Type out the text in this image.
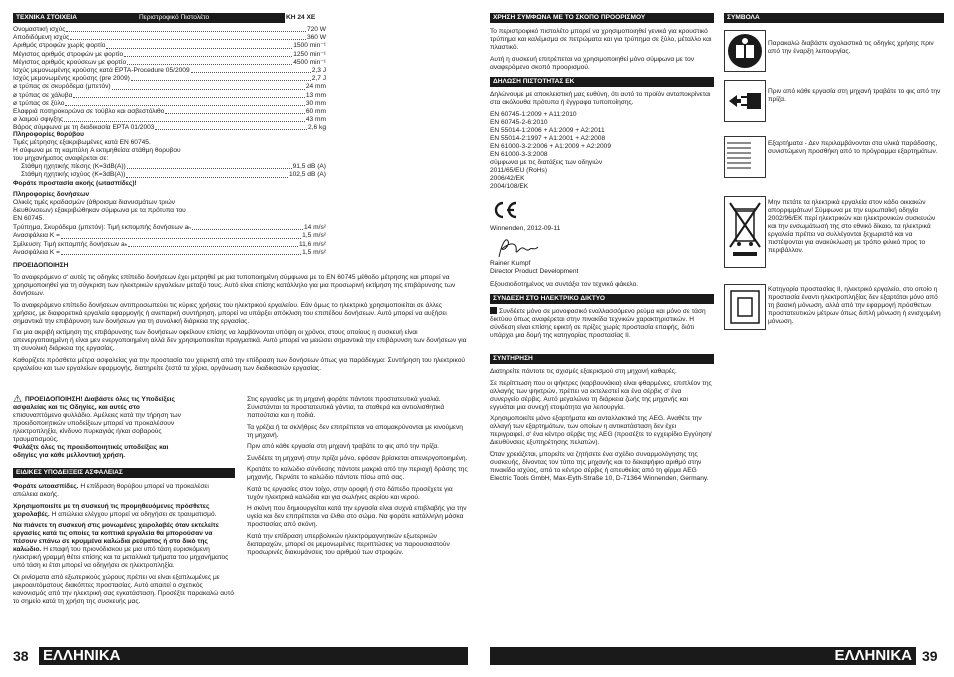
ΤΕΧΝΙΚΑ ΣΤΟΙΧΕΙΑ	Περιστροφικό Πιστολέτο	KH 24 XE
Ονομαστική ισχύς	720 W
Αποδιδόμενη ισχύς	360 W
Αριθμός στροφών χωρίς φορτίο	1500 min⁻¹
Μέγιστος αριθμός στροφών με φορτίο	1250 min⁻¹
Μέγιστος αριθμός κρούσεων με φορτίο	4500 min⁻¹
Ισχύς μεμονωμένης κρούσης κατά EPTA-Procedure 05/2009	2,3 J
Ισχύς μεμονωμένης κρούσης (pre 2009)	2,7 J
ø τρύπας σε σκυρόδεμα (μπετόν)	24 mm
ø τρύπας σε χάλυβα	13 mm
ø τρύπας σε ξύλο	30 mm
Ελαφριά ποτηροκορώνα σε τούβλο και ασβεστόλιθο	60 mm
ø λαιμού σφιγξης	43 mm
Βάρος σύμφωνα με τη διαδικασία EPTA 01/2003	2,6 kg
Πληροφορίες θορύβου
Τιμές μέτρησης εξακριβωμένες κατά EN 60745.
Η σύφωνα με τη καμπύλη A εκτιμηθείσα στάθμη θορυβου
του μηχανήματος αναφέρεται σε:
Στάθμη ηχητικής πίεσης (K=3dB(A))	91,5 dB (A)
Στάθμη ηχητικής ισχύος (K=3dB(A))	102,5 dB (A)
Φοράτε προστασία ακοής (ωτασπίδες)!
Πληροφορίες δονήσεων
Ολικές τιμές κραδασμών (άθροισμα διανυσμάτων τριών
διευθύνσεων) εξακριβώθηκαν σύμφωνα με τα πρότυπα του
EN 60745.
Τρύπημα, Σκυρόδεμα (μπετόν): Τιμή εκπομπής δονήσεων aₕ	14 m/s²
Ανασφάλεια K =	1,5 m/s²
Σμίλευση: Τιμή εκπομπής δονήσεων aₕ	11,6 m/s²
Ανασφάλεια K =	1,5 m/s²
ΠΡΟΕΙΔΟΠΟΙΗΣΗ

Το αναφερόμενο σ' αυτές τις οδηγίες επίπεδο δονήσεων έχει μετρηθεί με μια τυποποιημένη σύμφωνα με το EN 60745 μέθοδο μέτρησης και μπορεί να χρησιμοποιηθεί για τη σύγκριση των ηλεκτρικών εργαλείων μεταξύ τους. Αυτό είναι επίσης κατάλληλο για μια προσωρινή εκτίμηση της επιβάρυνσης των δονήσεων.

Το αναφερόμενο επίπεδο δονήσεων αντιπροσωπεύει τις κύριες χρήσεις του ηλεκτρικού εργαλείου. Εάν όμως το ηλεκτρικό χρησιμοποιείται σε άλλες χρήσεις, με διαφορετικά εργαλεία εφαρμογής ή ανεπαρκή συντήρηση, μπορεί να υπάρξει απόκλιση του επιπέδου δονήσεων. Αυτό μπορεί να αυξήσει σημαντικά την επιβάρυνση των δονήσεων για τη συνολική διάρκεια της εργασίας.

Για μια ακριβή εκτίμηση της επιβάρυνσης των δονήσεων οφείλουν επίσης να λαμβάνονται υπόψη οι χρόνοι, στους οποίους η συσκευή είναι απενεργοποιημένη ή είναι μεν ενεργοποιημένη αλλά δεν χρησιμοποιείται πραγματικά. Αυτό μπορεί να μειώσει σημαντικά την επιβάρυνση των δονήσεων για τη συνολική διάρκεια της εργασίας.

Καθορίζετε πρόσθετα μέτρα ασφαλείας για την προστασία του χειριστή από την επίδραση των δονήσεων όπως για παράδειγμα: Συντήρηση του ηλεκτρικού εργαλείου και των εργαλείων εφαρμογής, διατηρείτε ζεστά τα χέρια, οργάνωση των διαδικασιών εργασίας.

ΠΡΟΕΙΔΟΠΟΙΗΣΗ! Διαβάστε όλες τις Υποδείξεις
ασφαλείας και τις Οδηγίες, και αυτές στο
επισυναπτόμενο φυλλάδιο. Αμέλειες κατά την τήρηση των
προειδοποιητικών υποδείξεων μπορεί να προκαλέσουν
ηλεκτροπληξία, κίνδυνο πυρκαγιάς ή/και σοβαρούς
τραυματισμούς.
Φυλάξτε όλες τις προειδοποιητικές υποδείξεις και
οδηγίες για κάθε μελλοντική χρήση.
⚠
ΕΙΔΙΚΕΣ ΥΠΟΔΕΙΞΕΙΣ ΑΣΦΑΛΕΙΑΣ

Φοράτε ωτοασπίδες. Η επίδραση θορύβου μπορεί να προκαλέσει απώλεια ακοής.

Χρησιμοποιείτε με τη συσκευή τις προμηθευόμενες πρόσθετες χειρολαβές. Η απώλεια ελέγχου μπορεί να οδηγήσει σε τραυματισμό.

Να πιάνετε τη συσκευή στις μονωμένες χειρολαβές όταν εκτελείτε εργασίες κατά τις οποίες τα κοπτικά εργαλεία θα μπορούσαν να πέσουν επάνω σε κρυμμένα καλώδια ρεύματος ή στο δικό της καλώδιο. Η επαφή του πριονόδισκου με μια υπό τάση ευρισκόμενη ηλεκτρική γραμμή θέτει επίσης και τα μεταλλικά τμήματα του μηχανήματος υπό τάση κι έτσι μπορεί να οδηγήσει σε ηλεκτροπληξία.

Οι ρινίσματα από εξωτερικούς χώρους πρέπει να είναι εξαπλωμένες με μικροαυτόματους διακόπτες προστασίας. Αυτό απαιτεί ο σχετικός κανονισμός από την ηλεκτρική σας εγκατάσταση. Προσέξτε παρακαλώ αυτό το σημείο κατά τη χρήση της συσκευής μας.

Στις εργασίες με τη μηχανή φοράτε πάντοτε προστατευτικά γυαλιά. Συνιστάνται τα προστατευτικά γάντια, τα σταθερά και αντιολισθητικά παπούτσια και η ποδιά.

Τα γρέζια ή τα σκλήθρες δεν επιτρέπεται να απομακρύνονται με κινούμενη τη μηχανή.

Πριν από κάθε εργασία στη μηχανή τραβάτε το φις από την πρίζα.

Συνδέετε τη μηχανή στην πρίζα μόνο, εφόσον βρίσκεται απενεργοποιημένη.

Κρατάτε το καλώδιο σύνδεσης πάντοτε μακριά από την περιοχή δράσης της μηχανής. Περνάτε το καλώδιο πάντοτε πίσω από σας.

Κατά τις εργασίες στον τοίχο, στην οροφή ή στο δάπεδο προσέχετε για τυχόν ηλεκτρικά καλώδια και για σωλήνες αερίου και νερού.

Η σκόνη που δημιουργείται κατά την εργασία είναι συχνά επιβλαβής για την υγεία και δεν επιτρέπεται να έλθει στο σώμα. Να φοράτε κατάλληλη μάσκα προστασίας από σκόνη.

Κατά την επίδραση υπερβολικών ηλεκτρομαγνητικών εξωτερικών διαταραχών, μπορεί σε μεμονωμένες περιπτώσεις να παρουσιαστούν προσωρινές διακυμάνσεις του αριθμού των στροφών.

38 ΕΛΛΗΝΙΚΑ
ΧΡΗΣΗ ΣΥΜΦΩΝΑ ΜΕ ΤΟ ΣΚΟΠΟ ΠΡΟΟΡΙΣΜΟΥ

Το περιστροφικό πιστολέτο μπορεί να χρησιμοποιηθεί γενικά για κρουστικό τρύπημα και καλέμισμα σε πετρώματα και για τρύπημα σε ξύλο, μέταλλο και πλαστικό.

Αυτή η συσκευή επιτρέπεται να χρησιμοποιηθεί μόνο σύμφωνα με τον αναφερόμενο σκοπό προορισμού.

ΔΗΛΩΣΗ ΠΙΣΤΟΤΗΤΑΣ ΕΚ

Δηλώνουμε με αποκλειστική μας ευθύνη, ότι αυτό το προϊόν ανταποκρίνεται στα ακόλουθα πρότυπα ή έγγραφα τυποποίησης.

EN 60745-1:2009 + A11:2010
EN 60745-2-6:2010
EN 55014-1:2006 + A1:2009 + A2:2011
EN 55014-2:1997 + A1:2001 + A2:2008
EN 61000-3-2:2006 + A1:2009 + A2:2009
EN 61000-3-3:2008
σύμφωνα με τις διατάξεις των οδηγιών
2011/65/EU (RoHs)
2006/42/EK
2004/108/EK
Winnenden, 2012-09-11
Rainer Kumpf
Director Product Development
Εξουσιοδοτημένος να συντάξει τον τεχνικό φάκελο.
ΣΥΝΔΕΣΗ ΣΤΟ ΗΛΕΚΤΡΙΚΟ ΔΙΚΤΥΟ
Συνδέετε μόνο σε μονοφασικό εναλλασσόμενο ρεύμα και μόνο σε τάση δικτύου όπως αναφέρεται στην πινακίδα τεχνικών χαρακτηριστικών. Η σύνδεση είναι επίσης εφικτή σε πρίζες χωρίς προστασία επαφής, διότι υπάρχει μια δομή της κατηγορίας προστασίας II.
ΣΥΝΤΗΡΗΣΗ

Διατηρείτε πάντοτε τις σχισμές εξαερισμού στη μηχανή καθαρές.

Σε περίπτωση που οι ψήκτρες (καρβουνάκια) είναι φθαρμένες, επιπλέον της αλλαγής των ψηκτρών, πρέπει να εκτελεστεί και ένα σέρβις σ' ένα συνεργείο σέρβις. Αυτό μεγαλώνει τη διάρκεια ζωής της μηχανής και εγγυάται μια συνεχή ετοιμότητα για λειτουργία.

Χρησιμοποιείτε μόνο εξαρτήματα και ανταλλακτικά της AEG. Αναθέτε την αλλαγή των εξαρτημάτων, των οποίων η αντικατάσταση δεν έχει περιγραφεί, σ' ένα κέντρο σέρβις της AEG (προσέξτε το εγχειρίδιο Εγγύηση/Διευθύνσεις εξυπηρέτησης πελατών).

Όταν χρειάζεται, μπορείτε να ζητήσετε ένα σχέδιο συναρμολόγησης της συσκευής, δίνοντας τον τύπο της μηχανής και το δεκαψήφιο αριθμό στην πινακίδα ισχύος, από το κέντρο σέρβις ή απευθείας από τη φίρμα AEG Electric Tools GmbH, Max-Eyth-Straße 10, D-71364 Winnenden, Germany.

ΣΥΜΒΟΛΑ
Παρακαλώ διαβάστε σχολαστικά τις οδηγίες χρήσης πριν από την έναρξη λειτουργίας.
Πριν από κάθε εργασία στη μηχανή τραβάτε το φις από την πρίζα.
Εξαρτήματα - Δεν περιλαμβάνονται στα υλικά παράδοσης, συνιστώμενη προσθήκη από το πρόγραμμα εξαρτημάτων.
Μην πετάτε τα ηλεκτρικά εργαλεία στον κάδο οικιακών απορριμμάτων! Σύμφωνα με την ευρωπαϊκή οδηγία 2002/96/ΕΚ περί ηλεκτρικών και ηλεκτρονικών συσκευών και την ενσωμάτωσή της στο εθνικό δίκαιο, τα ηλεκτρικά εργαλεία πρέπει να συλλέγονται ξεχωριστά και να πιστέψονται για ανακύκλωση με τρόπο φιλικό προς το περιβάλλον.
Κατηγορία προστασίας II, ηλεκτρικό εργαλείο, στο οποίο η προστασία έναντι ηλεκτροπληξίας δεν εξαρτάται μόνο από τη βασική μόνωση, αλλά από την εφαρμογή πρόσθετων προστατευτικών μέτρων όπως διπλή μόνωση ή ενισχυμένη μόνωση.
ΕΛΛΗΝΙΚΑ 39
